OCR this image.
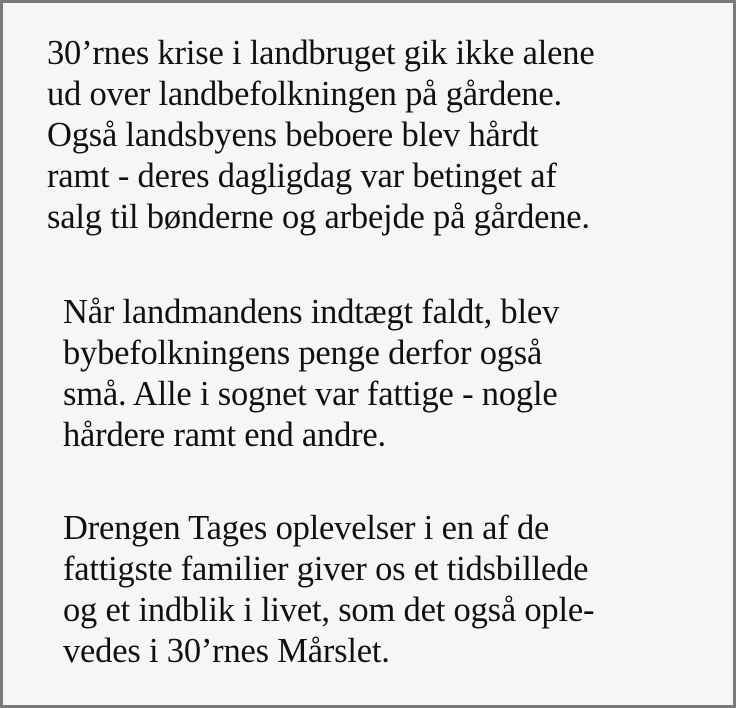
30’rnes krise i landbruget gik ikke alene
ud over landbefolkningen på gårdene.
Også landsbyens beboere blev hårdt
ramt - deres dagligdag var betinget af
salg til bønderne og arbejde på gårdene.
Når landmandens indtægt faldt, blev
bybefolkningens penge derfor også
små. Alle i sognet var fattige - nogle
hårdere ramt end andre.
Drengen Tages oplevelser i en af de
fattigste familier giver os et tidsbillede
og et indblik i livet, som det også ople-
vedes i 30’rnes Mårslet.
